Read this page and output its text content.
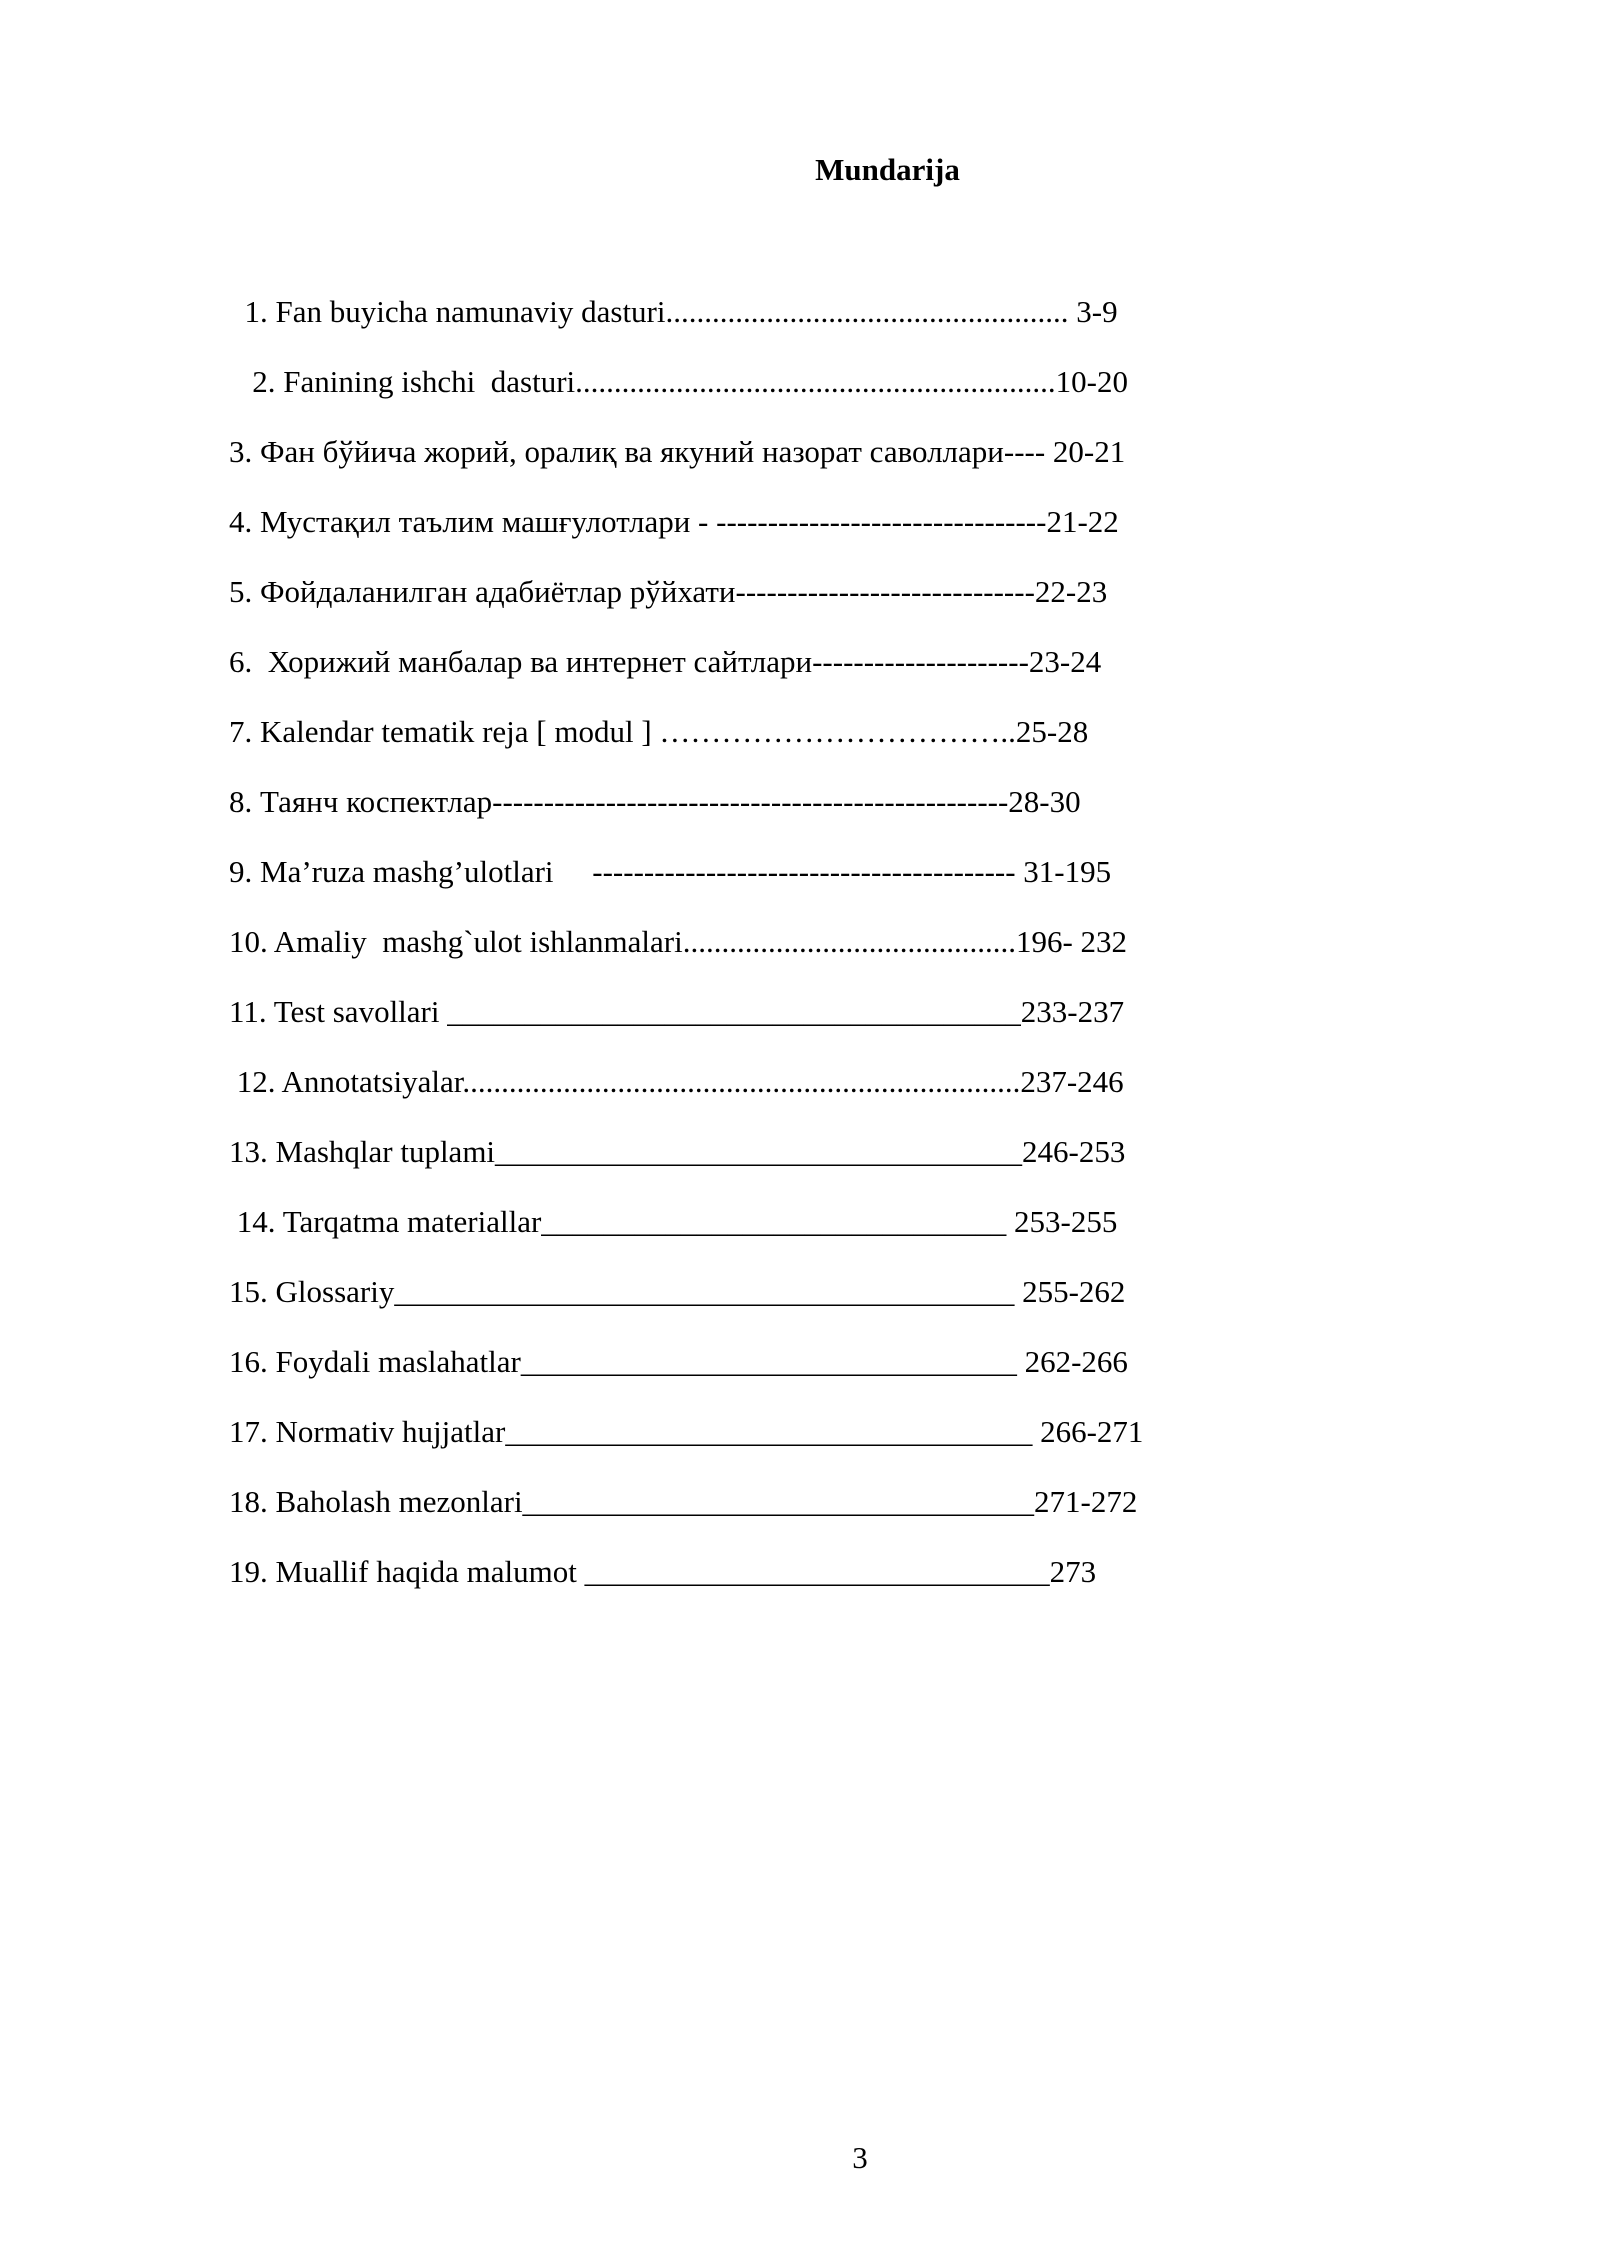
Mundarija
1. Fan buyicha namunaviy dasturi.................................................... 3-9
2. Fanining ishchi  dasturi..............................................................10-20
3. Фан бўйича жорий, оралиқ ва якуний назорат саволлари---- 20-21
4. Мустақил таълим машғулотлари - --------------------------------21-22
5. Фойдаланилган адабиётлар рўйхати-----------------------------22-23
6.  Хорижий манбалар ва интернет сайтлари---------------------23-24
7. Kalendar tematik reja [ modul ] ……………………………..25-28
8. Таянч коспектлар--------------------------------------------------28-30
9. Ma’ruza mashg’ulotlari     ----------------------------------------- 31-195
10. Amaliy  mashg`ulot ishlanmalari...........................................196- 232
11. Test savollari _____________________________________233-237
12. Annotatsiyalar........................................................................237-246
13. Mashqlar tuplami__________________________________246-253
14. Tarqatma materiallar______________________________ 253-255
15. Glossariy________________________________________ 255-262
16. Foydali maslahatlar________________________________ 262-266
17. Normativ hujjatlar__________________________________ 266-271
18. Baholash mezonlari_________________________________271-272
19. Muallif haqida malumot ______________________________273
3
